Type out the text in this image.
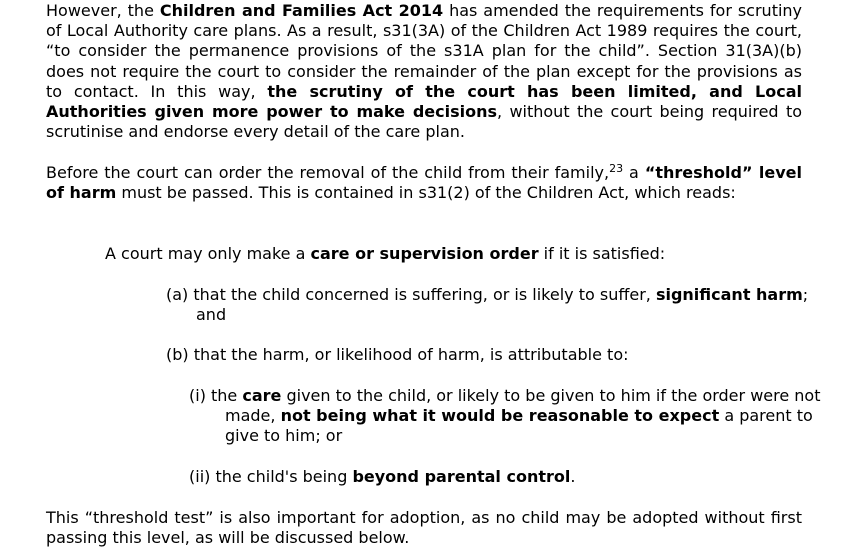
However, the Children and Families Act 2014 has amended the requirements for scrutiny of Local Authority care plans. As a result, s31(3A) of the Children Act 1989 requires the court, “to consider the permanence provisions of the s31A plan for the child”. Section 31(3A)(b) does not require the court to consider the remainder of the plan except for the provisions as to contact. In this way, the scrutiny of the court has been limited, and Local Authorities given more power to make decisions, without the court being required to scrutinise and endorse every detail of the care plan.

Before the court can order the removal of the child from their family,$^{23}$ a “threshold” level of harm must be passed. This is contained in s31(2) of the Children Act, which reads:

A court may only make a care or supervision order if it is satisfied:

(a) that the child concerned is suffering, or is likely to suffer, significant harm; and

(b) that the harm, or likelihood of harm, is attributable to:

(i) the care given to the child, or likely to be given to him if the order were not made, not being what it would be reasonable to expect a parent to give to him; or

(ii) the child's being beyond parental control.

This “threshold test” is also important for adoption, as no child may be adopted without first passing this level, as will be discussed below.
